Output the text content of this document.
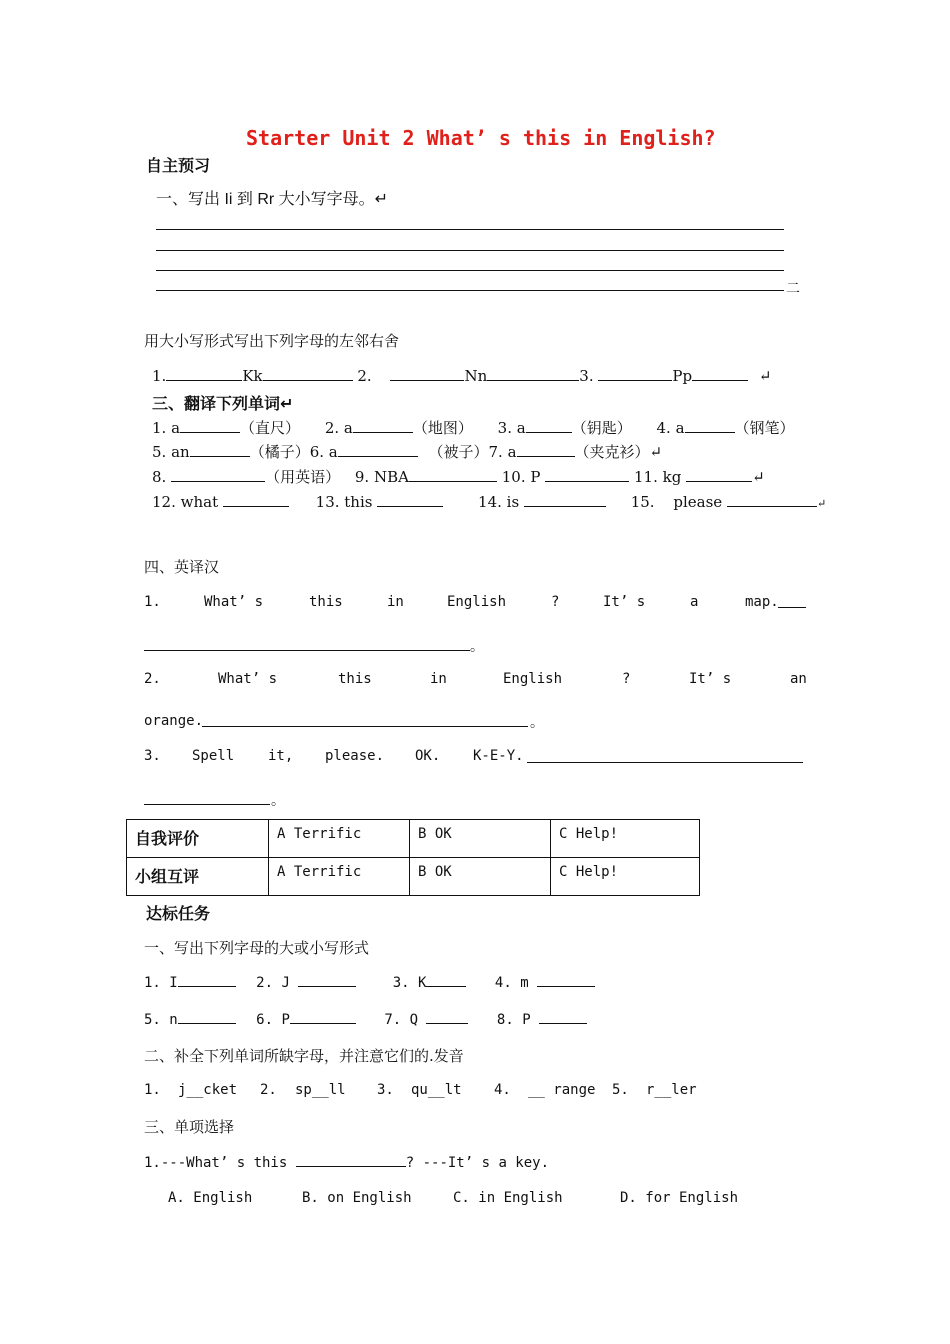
Starter Unit 2 What’ s this in English?
自主预习
一、写出 Ii 到 Rr 大小写字母。↵
二
用大小写形式写出下列字母的左邻右舍
1.	Kk	2.	Nn	3.	Pp	↵
三、翻译下列单词↵
1. a	（直尺） 2. a	（地图） 3. a	（钥匙） 4. a	（钢笔）
5. an	（橘子）6. a	（被子）7. a	（夹克衫）↵
8.	（用英语） 9. NBA	10. P	11. kg	↵
12. what	13. this	14. is	15. please	↵
四、英译汉
1.	What’ s	this	in	English	?	It’ s	a	map.
。
2.	What’ s	this	in	English	?	It’ s	an
orange.	。
3. Spell it, please. OK. K-E-Y.
。
自我评价	A Terrific	B OK	C Help!
小组互评	A Terrific	B OK	C Help!
达标任务
一、写出下列字母的大或小写形式
1. I	2. J	3. K	4. m
5. n	6. P	7. Q	8. P
二、补全下列单词所缺字母，并注意它们的.发音
1. j__cket 2. sp__ll 3. qu__lt 4. __ range 5. r__ler
三、单项选择
1.---What’ s this	? ---It’ s a key.
A. English	B. on English	C. in English	D. for English
